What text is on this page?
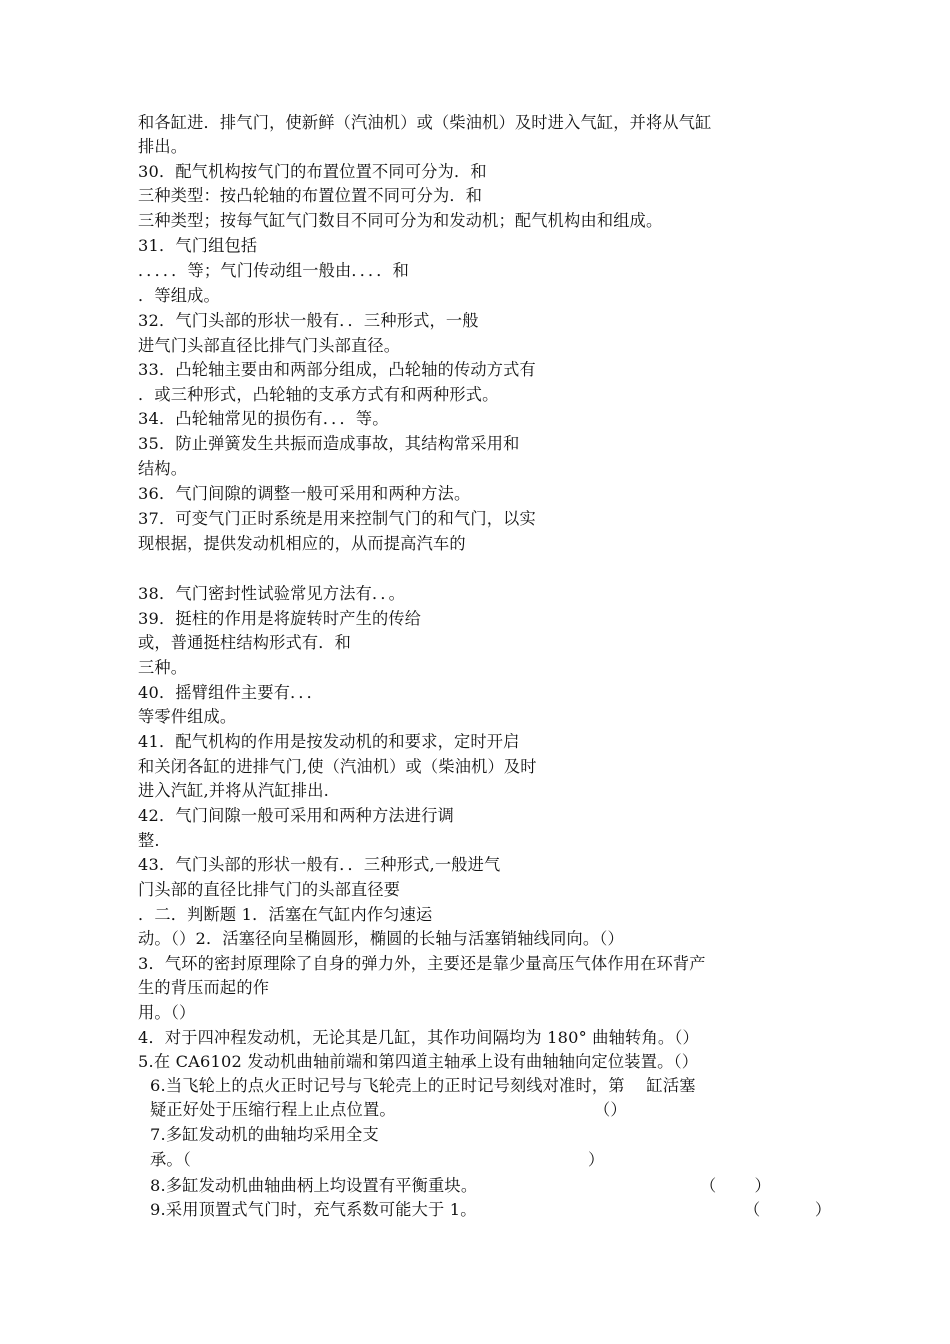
和各缸进．排气门，使新鲜（汽油机）或（柴油机）及时进入气缸，并将从气缸
排出。
30．配气机构按气门的布置位置不同可分为．和
三种类型：按凸轮轴的布置位置不同可分为．和
三种类型；按每气缸气门数目不同可分为和发动机；配气机构由和组成。
31．气门组包括
．．．．．等；气门传动组一般由．．．．和
．等组成。
32．气门头部的形状一般有．．三种形式，一般
进气门头部直径比排气门头部直径。
33．凸轮轴主要由和两部分组成，凸轮轴的传动方式有
．或三种形式，凸轮轴的支承方式有和两种形式。
34．凸轮轴常见的损伤有．．．等。
35．防止弹簧发生共振而造成事故，其结构常采用和
结构。
36．气门间隙的调整一般可采用和两种方法。
37．可变气门正时系统是用来控制气门的和气门，以实
现根据，提供发动机相应的，从而提高汽车的
38．气门密封性试验常见方法有．．。
39．挺柱的作用是将旋转时产生的传给
或，普通挺柱结构形式有．和
三种。
40．摇臂组件主要有．．．
等零件组成。
41．配气机构的作用是按发动机的和要求，定时开启
和关闭各缸的进排气门,使（汽油机）或（柴油机）及时
进入汽缸,并将从汽缸排出.
42．气门间隙一般可采用和两种方法进行调
整.
43．气门头部的形状一般有．．三种形式,一般进气
门头部的直径比排气门的头部直径要
．二．判断题 1．活塞在气缸内作匀速运
动。（）2．活塞径向呈椭圆形，椭圆的长轴与活塞销轴线同向。（）
3．气环的密封原理除了自身的弹力外，主要还是靠少量高压气体作用在环背产
生的背压而起的作
用。（）
4．对于四冲程发动机，无论其是几缸，其作功间隔均为 180° 曲轴转角。（）
5.在 CA6102 发动机曲轴前端和第四道主轴承上设有曲轴轴向定位装置。（）
6.当飞轮上的点火正时记号与飞轮壳上的正时记号刻线对准时，第 　缸活塞
疑正好处于压缩行程上止点位置。	（）
7.多缸发动机的曲轴均采用全支
承。（	）
8.多缸发动机曲轴曲柄上均设置有平衡重块。	（ 　　）
9.采用顶置式气门时，充气系数可能大于 1。	（　 　　）
